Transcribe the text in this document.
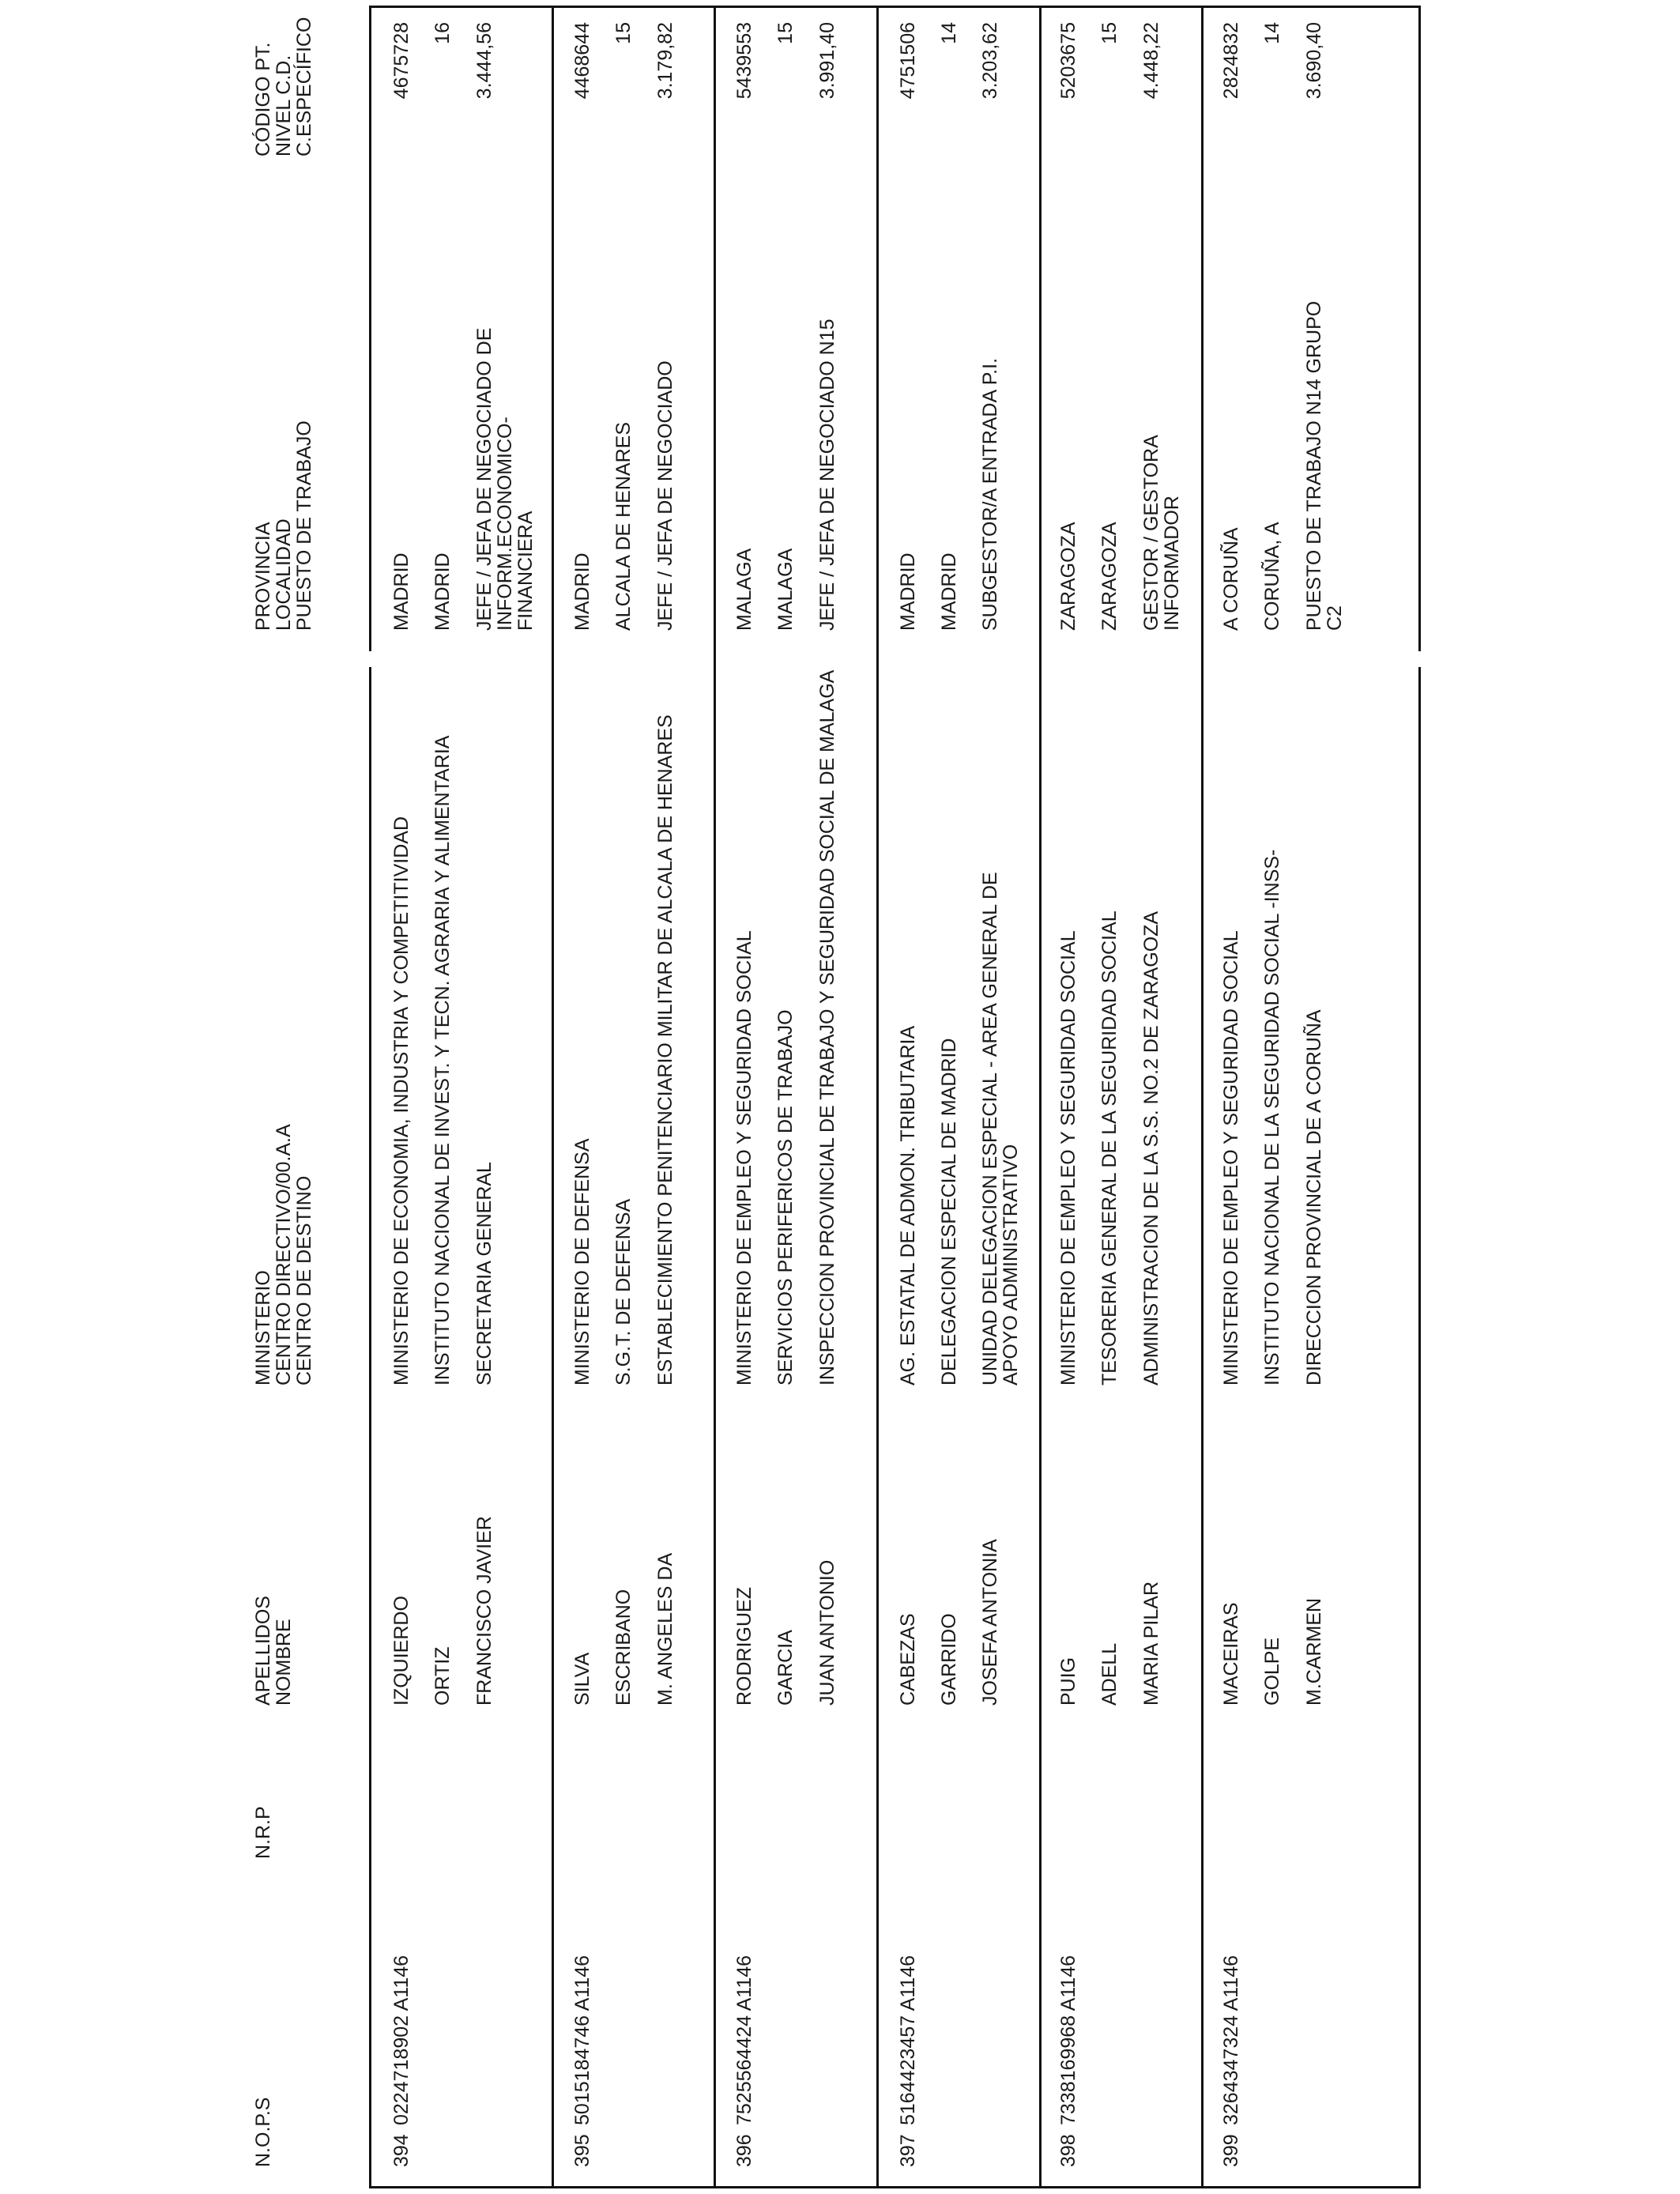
N.O.P.S
N.R.P
APELLIDOS
NOMBRE
MINISTERIO
CENTRO DIRECTIVO/00.A.A
CENTRO DE DESTINO
PROVINCIA
LOCALIDAD
PUESTO DE TRABAJO
CÓDIGO PT.
NIVEL C.D.
C.ESPECÍFICO
394
0224718902 A1146
IZQUIERDO ORTIZ FRANCISCO JAVIER
MINISTERIO DE ECONOMIA, INDUSTRIA Y COMPETITIVIDAD INSTITUTO NACIONAL DE INVEST. Y TECN. AGRARIA Y ALIMENTARIA SECRETARIA GENERAL
MADRID MADRID JEFE / JEFA DE NEGOCIADO DE INFORM.ECONOMICO-FINANCIERA
4675728 16 3.444,56
395
5015184746 A1146
SILVA ESCRIBANO M. ANGELES DA
MINISTERIO DE DEFENSA S.G.T. DE DEFENSA ESTABLECIMIENTO PENITENCIARIO MILITAR DE ALCALA DE HENARES
MADRID ALCALA DE HENARES JEFE / JEFA DE NEGOCIADO
4468644 15 3.179,82
396
7525564424 A1146
RODRIGUEZ GARCIA JUAN ANTONIO
MINISTERIO DE EMPLEO Y SEGURIDAD SOCIAL SERVICIOS PERIFERICOS DE TRABAJO INSPECCION PROVINCIAL DE TRABAJO Y SEGURIDAD SOCIAL DE MALAGA
MALAGA MALAGA JEFE / JEFA DE NEGOCIADO N15
5439553 15 3.991,40
397
5164423457 A1146
CABEZAS GARRIDO JOSEFA ANTONIA
AG. ESTATAL DE ADMON. TRIBUTARIA DELEGACION ESPECIAL DE MADRID UNIDAD DELEGACION ESPECIAL - AREA GENERAL DE APOYO ADMINISTRATIVO
MADRID MADRID SUBGESTOR/A ENTRADA P.I.
4751506 14 3.203,62
398
7338169968 A1146
PUIG ADELL MARIA PILAR
MINISTERIO DE EMPLEO Y SEGURIDAD SOCIAL TESORERIA GENERAL DE LA SEGURIDAD SOCIAL ADMINISTRACION DE LA S.S. NO.2 DE ZARAGOZA
ZARAGOZA ZARAGOZA GESTOR / GESTORA INFORMADOR
5203675 15 4.448,22
399
3264347324 A1146
MACEIRAS GOLPE M.CARMEN
MINISTERIO DE EMPLEO Y SEGURIDAD SOCIAL INSTITUTO NACIONAL DE LA SEGURIDAD SOCIAL -INSS- DIRECCION PROVINCIAL DE A CORUÑA
A CORUÑA CORUÑA, A PUESTO DE TRABAJO N14 GRUPO C2
2824832 14 3.690,40
